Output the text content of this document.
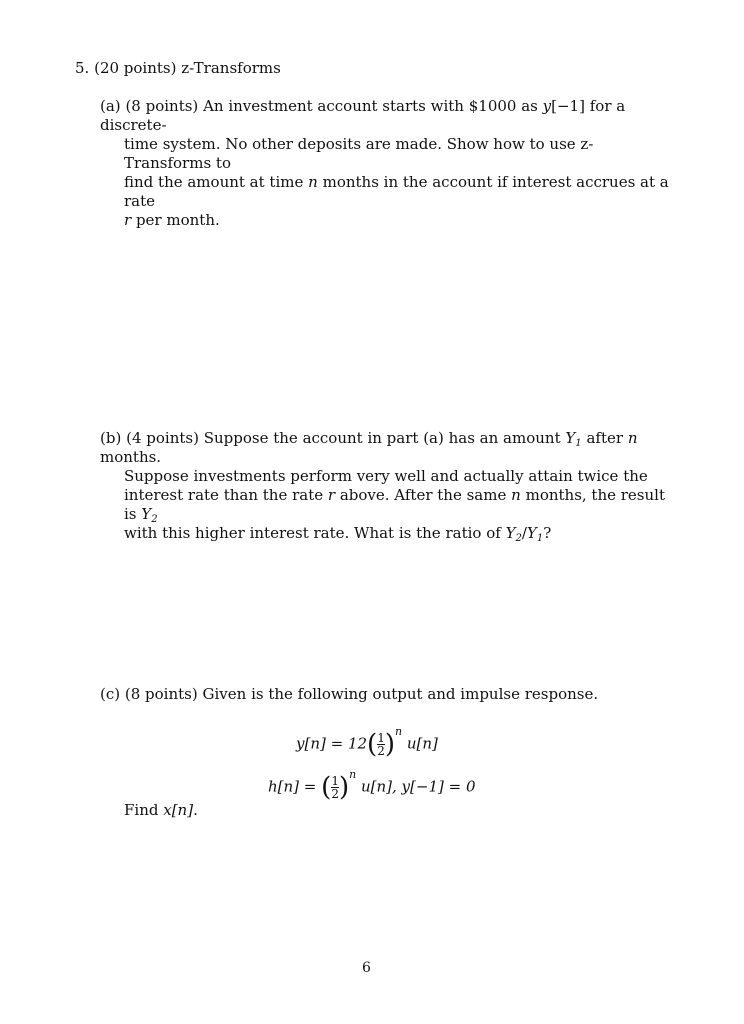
5. (20 points) z-Transforms
(a) (8 points) An investment account starts with $1000 as y[−1] for a discrete-
time system. No other deposits are made. Show how to use z-Transforms to
find the amount at time n months in the account if interest accrues at a rate
r per month.
(b) (4 points) Suppose the account in part (a) has an amount $Y_1$ after n months.
Suppose investments perform very well and actually attain twice the
interest rate than the rate r above. After the same n months, the result is $Y_2$
with this higher interest rate. What is the ratio of $Y_2/Y_1$?
(c) (8 points) Given is the following output and impulse response.
$y[n] = 12( \frac{1}{2} )^n$ u[n]
h[n] = ( $\frac{1}{2} )^n$ u[n], y[−1] = 0
Find x[n].
6
